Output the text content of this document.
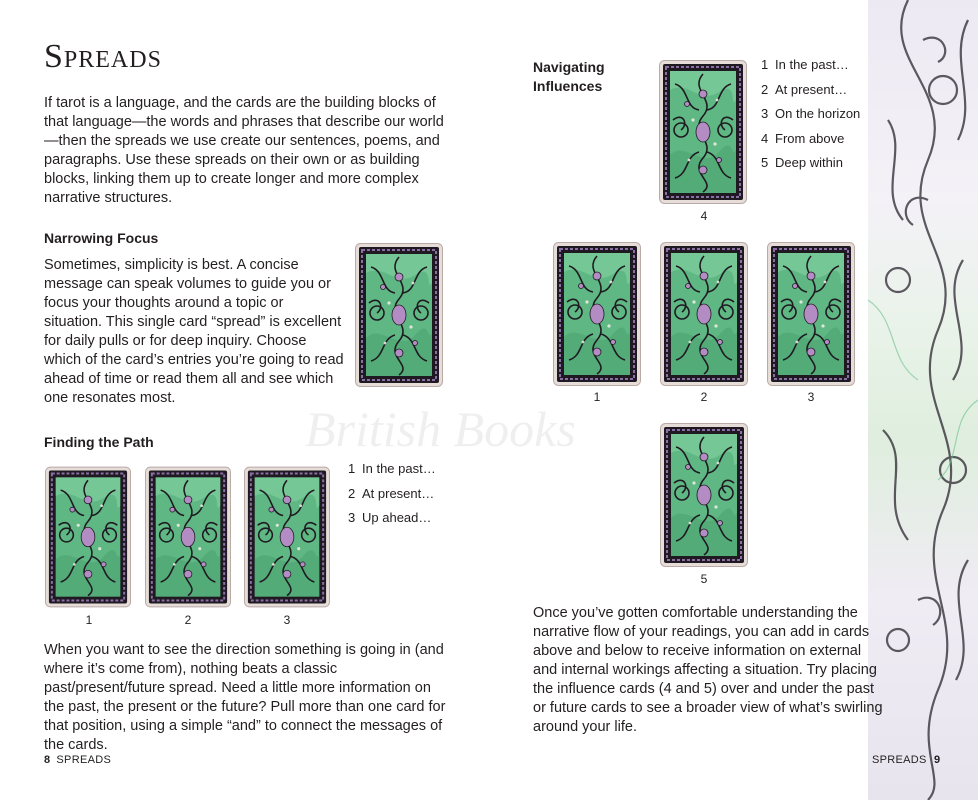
Spreads

If tarot is a language, and the cards are the building blocks of that language—the words and phrases that describe our world—then the spreads we use create our sentences, poems, and paragraphs. Use these spreads on their own or as building blocks, linking them up to create longer and more complex narrative structures.

Narrowing Focus

Sometimes, simplicity is best. A concise message can speak volumes to guide you or focus your thoughts around a topic or situation. This single card “spread” is excellent for daily pulls or for deep inquiry. Choose which of the card’s entries you’re going to read ahead of time or read them all and see which one resonates most.

Finding the Path
1 In the past…
2 At present…
3 Up ahead…
1	2	3

When you want to see the direction something is going in (and where it’s come from), nothing beats a classic past/present/future spread. Need a little more information on the past, the present or the future? Pull more than one card for that position, using a simple “and” to connect the messages of the cards.

8 SPREADS
British Books
Navigating
Influences
1 In the past…
2 At present…
3 On the horizon
4 From above
5 Deep within
4
1	2	3
5

Once you’ve gotten comfortable understanding the narrative flow of your readings, you can add in cards above and below to receive information on external and internal workings affecting a situation. Try placing the influence cards (4 and 5) over and under the past or future cards to see a broader view of what’s swirling around your life.

SPREADS 9
